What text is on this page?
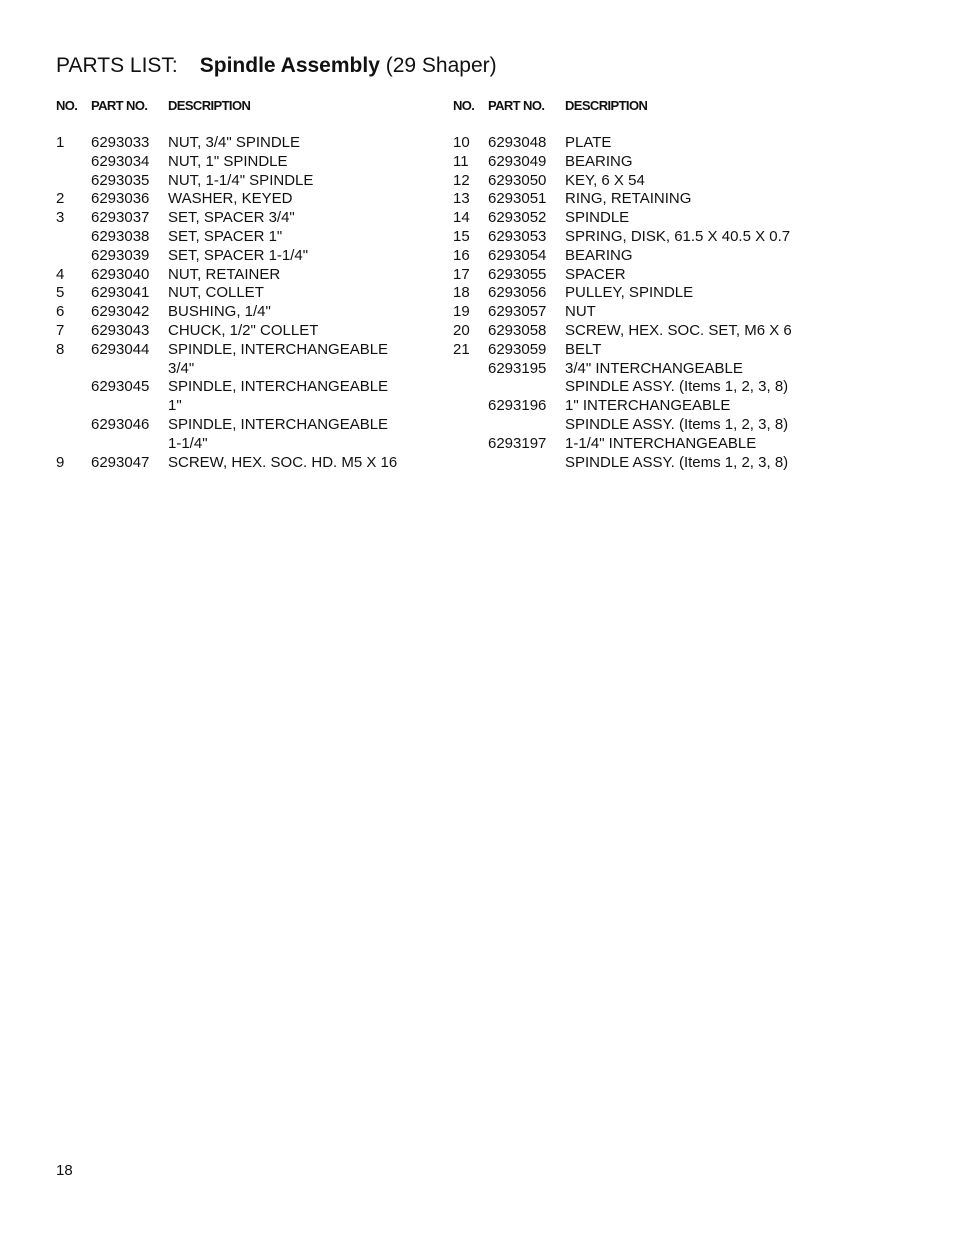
PARTS LIST: Spindle Assembly (29 Shaper)
NO. PART NO. DESCRIPTION
1 6293033 NUT, 3/4" SPINDLE
6293034 NUT, 1" SPINDLE
6293035 NUT, 1-1/4" SPINDLE
2 6293036 WASHER, KEYED
3 6293037 SET, SPACER 3/4"
6293038 SET, SPACER 1"
6293039 SET, SPACER 1-1/4"
4 6293040 NUT, RETAINER
5 6293041 NUT, COLLET
6 6293042 BUSHING, 1/4"
7 6293043 CHUCK, 1/2" COLLET
8 6293044 SPINDLE, INTERCHANGEABLE
3/4"
6293045 SPINDLE, INTERCHANGEABLE
1"
6293046 SPINDLE, INTERCHANGEABLE
1-1/4"
9 6293047 SCREW, HEX. SOC. HD. M5 X 16
NO. PART NO. DESCRIPTION
10 6293048 PLATE
11 6293049 BEARING
12 6293050 KEY, 6 X 54
13 6293051 RING, RETAINING
14 6293052 SPINDLE
15 6293053 SPRING, DISK, 61.5 X 40.5 X 0.7
16 6293054 BEARING
17 6293055 SPACER
18 6293056 PULLEY, SPINDLE
19 6293057 NUT
20 6293058 SCREW, HEX. SOC. SET, M6 X 6
21 6293059 BELT
6293195 3/4" INTERCHANGEABLE
SPINDLE ASSY. (Items 1, 2, 3, 8)
6293196 1" INTERCHANGEABLE
SPINDLE ASSY. (Items 1, 2, 3, 8)
6293197 1-1/4" INTERCHANGEABLE
SPINDLE ASSY. (Items 1, 2, 3, 8)
18
